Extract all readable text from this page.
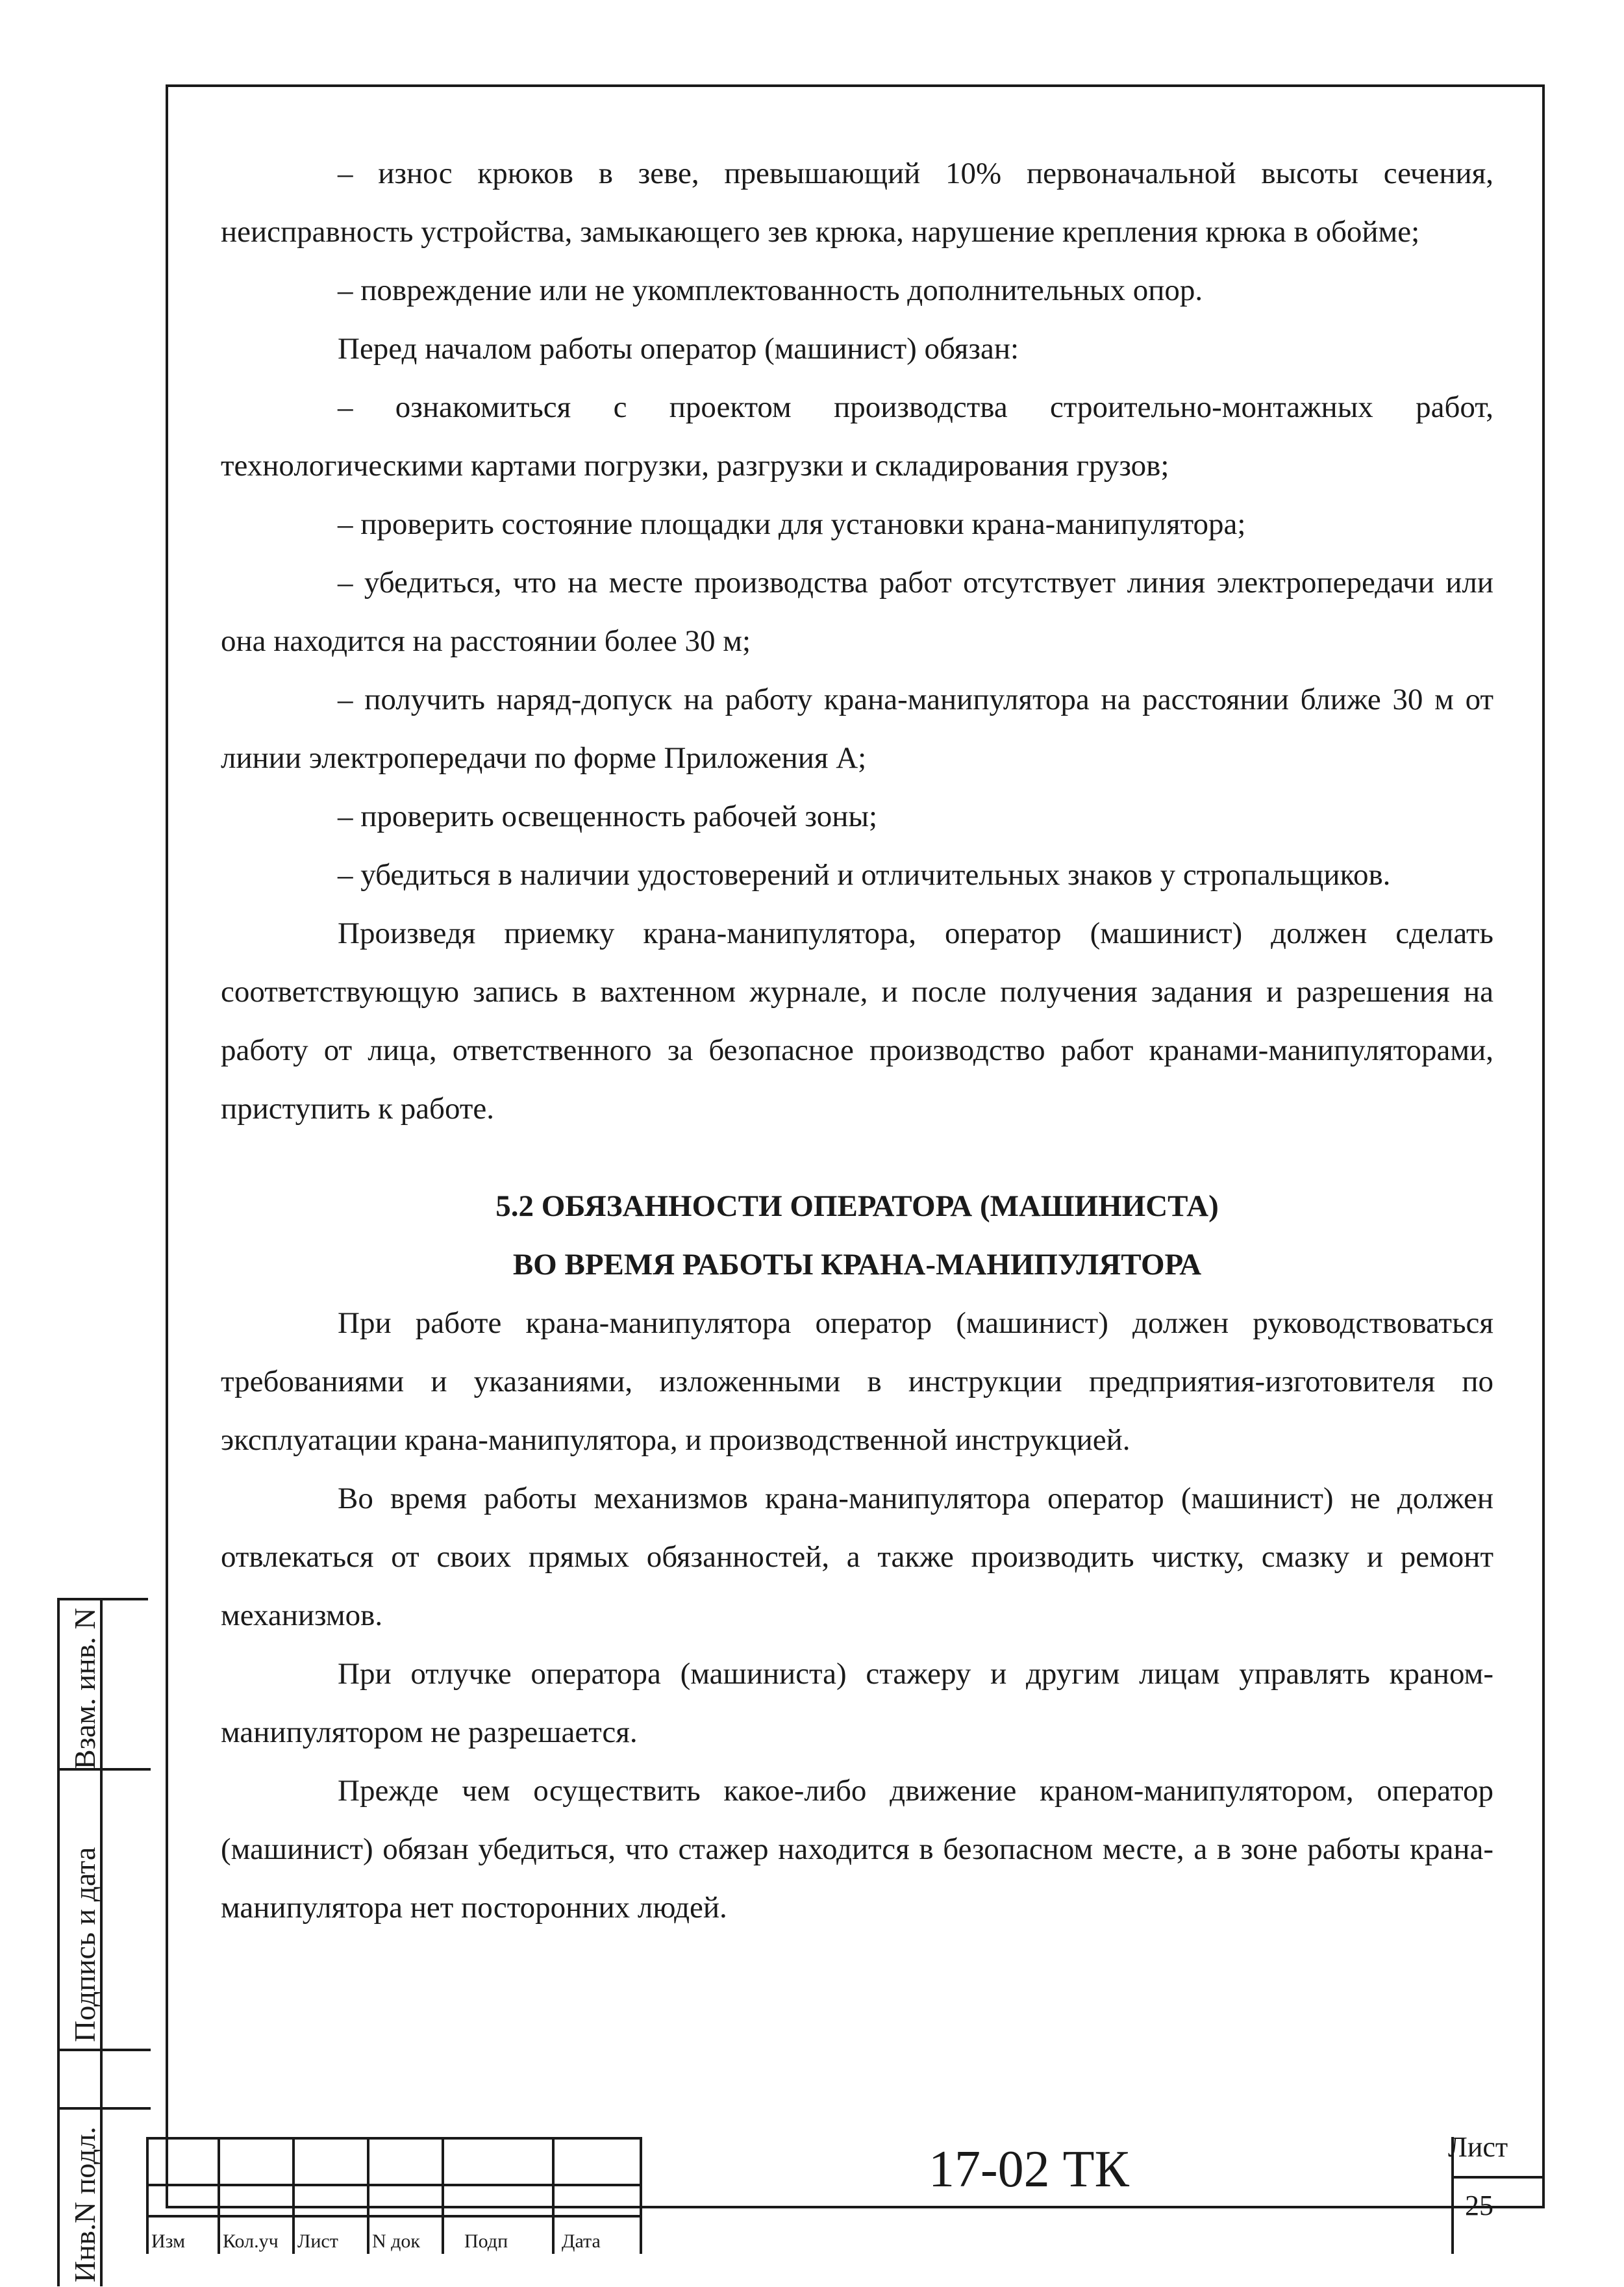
– износ крюков в зеве, превышающий 10% первоначальной высоты сечения, неисправность устройства, замыкающего зев крюка, нарушение крепления крюка в обойме;

– повреждение или не укомплектованность дополнительных опор.

Перед началом работы оператор (машинист) обязан:

– ознакомиться с проектом производства строительно-монтажных работ, технологическими картами погрузки, разгрузки и складирования грузов;

– проверить состояние площадки для установки крана-манипулятора;

– убедиться, что на месте производства работ отсутствует линия электропередачи или она находится на расстоянии более 30 м;

– получить наряд-допуск на работу крана-манипулятора на расстоянии ближе 30 м от линии электропередачи по форме Приложения А;

– проверить освещенность рабочей зоны;

– убедиться в наличии удостоверений и отличительных знаков у стропальщиков.

Произведя приемку крана-манипулятора, оператор (машинист) должен сделать соответствующую запись в вахтенном журнале, и после получения задания и разрешения на работу от лица, ответственного за безопасное производство работ кранами-манипуляторами, приступить к работе.

5.2 ОБЯЗАННОСТИ ОПЕРАТОРА (МАШИНИСТА)

ВО ВРЕМЯ РАБОТЫ КРАНА-МАНИПУЛЯТОРА

При работе крана-манипулятора оператор (машинист) должен руководствоваться требованиями и указаниями, изложенными в инструкции предприятия-изготовителя по эксплуатации крана-манипулятора, и производственной инструкцией.

Во время работы механизмов крана-манипулятора оператор (машинист) не должен отвлекаться от своих прямых обязанностей, а также производить чистку, смазку и ремонт механизмов.

При отлучке оператора (машиниста) стажеру и другим лицам управлять краном-манипулятором не разрешается.

Прежде чем осуществить какое-либо движение краном-манипулятором, оператор (машинист) обязан убедиться, что стажер находится в безопасном месте, а в зоне работы крана-манипулятора нет посторонних людей.

Взам. инв. N
Подпись и дата
Инв.N подл.	Изм Кол.уч Лист N док Подп	Дата
17-02 ТК	Лист
25
